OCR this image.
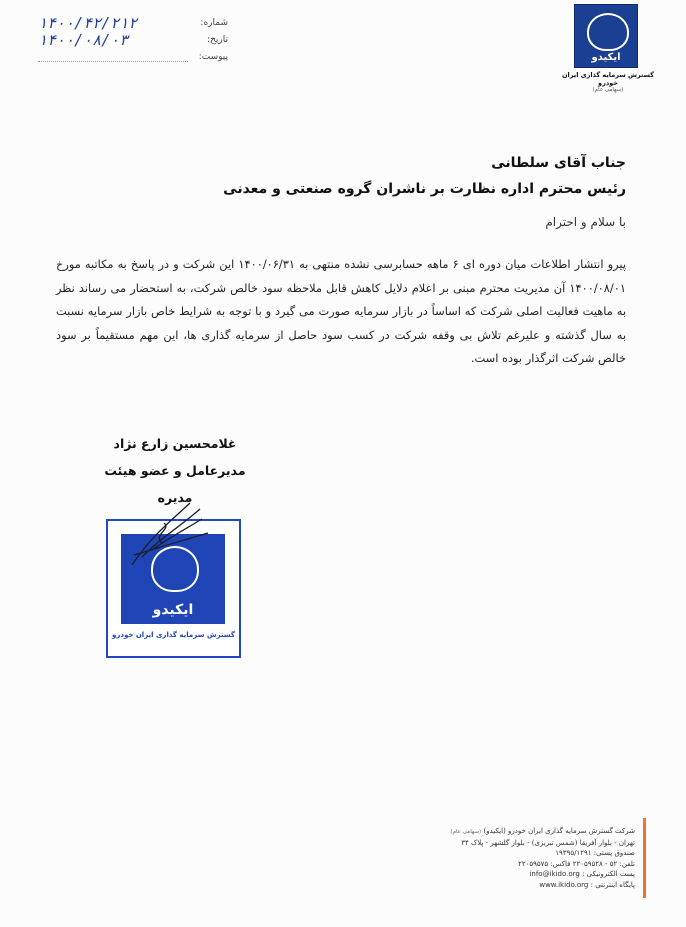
شماره:
۱۴۰۰/۴۲/۲۱۲
تاریخ:
۱۴۰۰/۰۸/۰۳
پیوست:	ایکیدو
گسترش سرمایه گذاری ایران خودرو
(سهامی عام)
جناب آقای سلطانی
رئیس محترم اداره نظارت بر ناشران گروه صنعتی و معدنی
با سلام و احترام
پیرو انتشار اطلاعات میان دوره ای ۶ ماهه حسابرسی نشده منتهی به ۱۴۰۰/۰۶/۳۱ این شرکت و در پاسخ به مکاتبه مورخ ۱۴۰۰/۰۸/۰۱ آن مدیریت محترم مبنی بر اعلام دلایل کاهش قابل ملاحظه سود خالص شرکت، به استحضار می رساند نظر به ماهیت فعالیت اصلی شرکت که اساساً در بازار سرمایه صورت می گیرد و با توجه به شرایط خاص بازار سرمایه نسبت به سال گذشته و علیرغم تلاش بی وقفه شرکت در کسب سود حاصل از سرمایه گذاری ها، این مهم مستقیماً بر سود خالص شرکت اثرگذار بوده است.
غلامحسین زارع نژاد
مدیرعامل و عضو هیئت مدیره
ایکیدو
گسترش سرمایه گذاری ایران خودرو
شرکت گسترش سرمایه گذاری ایران خودرو (ایکیدو) (سهامی عام)
تهران - بلوار آفریقا (شمس تبریزی) - بلوار گلشهر - پلاک ۳۴
صندوق پستی: ۱۹۳۹۵/۱۲۹۱
تلفن: ۵۲ - ۲۲۰۵۹۵۲۸ فاکس: ۲۲۰۵۹۵۷۵
پست الکترونیکی : info@ikido.org
پایگاه اینترنتی : www.ikido.org
